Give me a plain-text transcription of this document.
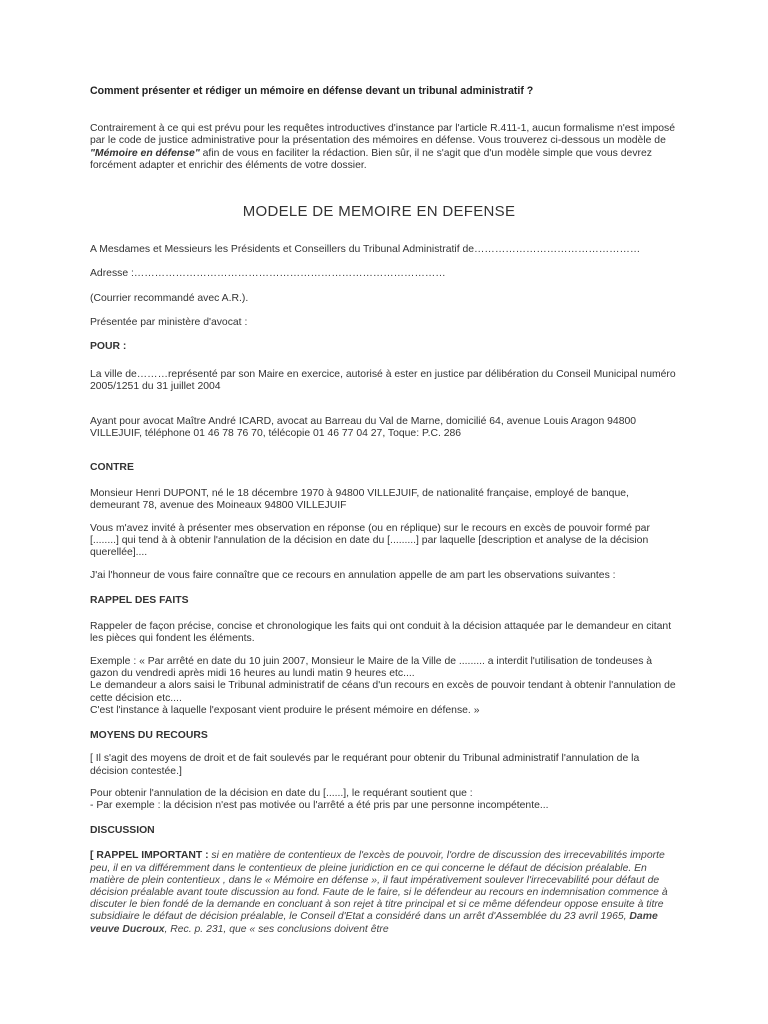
Comment présenter et rédiger un mémoire en défense devant un tribunal administratif ?

Contrairement à ce qui est prévu pour les requêtes introductives d'instance par l'article R.411-1, aucun formalisme n'est imposé par le code de justice administrative pour la présentation des mémoires en défense. Vous trouverez ci-dessous un modèle de "Mémoire en défense" afin de vous en faciliter la rédaction. Bien sûr, il ne s'agit que d'un modèle simple que vous devrez forcément adapter et enrichir des éléments de votre dossier.

MODELE DE MEMOIRE EN DEFENSE

A Mesdames et Messieurs les Présidents et Conseillers du Tribunal Administratif de…………………………………………

Adresse :………………………………………………………………………………

(Courrier recommandé avec A.R.).

Présentée par ministère d'avocat :

POUR :

La ville de………représenté par son Maire en exercice, autorisé à ester en justice par délibération du Conseil Municipal numéro 2005/1251 du 31 juillet 2004

Ayant pour avocat Maître André ICARD, avocat au Barreau du Val de Marne, domicilié 64, avenue Louis Aragon 94800 VILLEJUIF, téléphone 01 46 78 76 70, télécopie 01 46 77 04 27, Toque: P.C. 286

CONTRE

Monsieur Henri DUPONT, né le 18 décembre 1970 à 94800 VILLEJUIF, de nationalité française, employé de banque, demeurant 78, avenue des Moineaux 94800 VILLEJUIF

Vous m'avez invité à présenter mes observation en réponse (ou en réplique) sur le recours en excès de pouvoir formé par [........] qui tend à à obtenir l'annulation de la décision en date du [.........] par laquelle [description et analyse de la décision querellée]....

J'ai l'honneur de vous faire connaître que ce recours en annulation appelle de am part les observations suivantes :

RAPPEL DES FAITS

Rappeler de façon précise, concise et chronologique les faits qui ont conduit à la décision attaquée par le demandeur en citant les pièces qui fondent les éléments.

Exemple : « Par arrêté en date du 10 juin 2007, Monsieur le Maire de la Ville de ......... a interdit l'utilisation de tondeuses à gazon du vendredi après midi 16 heures au lundi matin 9 heures etc....
Le demandeur a alors saisi le Tribunal administratif de céans d'un recours en excès de pouvoir tendant à obtenir l'annulation de cette décision etc....
C'est l'instance à laquelle l'exposant vient produire le présent mémoire en défense. »

MOYENS DU RECOURS

[ Il s'agit des moyens de droit et de fait soulevés par le requérant pour obtenir du Tribunal administratif l'annulation de la décision contestée.]

Pour obtenir l'annulation de la décision en date du [......], le requérant soutient que :
- Par exemple : la décision n'est pas motivée ou l'arrêté a été pris par une personne incompétente...

DISCUSSION

[ RAPPEL IMPORTANT : si en matière de contentieux de l'excès de pouvoir, l'ordre de discussion des irrecevabilités importe peu, il en va différemment dans le contentieux de pleine juridiction en ce qui concerne le défaut de décision préalable. En matière de plein contentieux , dans le « Mémoire en défense », il faut impérativement soulever l'irrecevabilité pour défaut de décision préalable avant toute discussion au fond. Faute de le faire, si le défendeur au recours en indemnisation commence à discuter le bien fondé de la demande en concluant à son rejet à titre principal et si ce même défendeur oppose ensuite à titre subsidiaire le défaut de décision préalable, le Conseil d'Etat a considéré dans un arrêt d'Assemblée du 23 avril 1965, Dame veuve Ducroux, Rec. p. 231, que « ses conclusions doivent être
